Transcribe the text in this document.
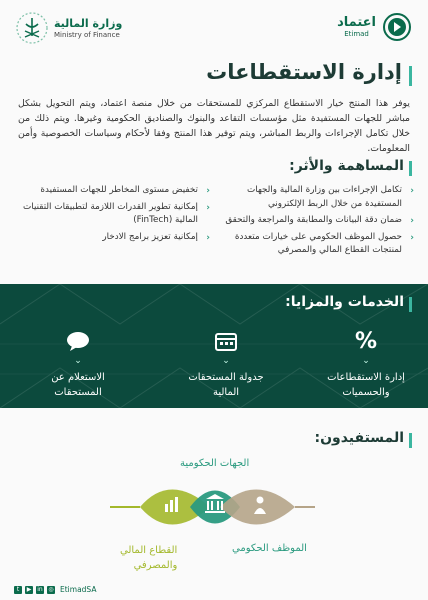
اعتماد
Etimad
وزارة المالية
Ministry of Finance
إدارة الاستقطاعات

يوفر هذا المنتج خيار الاستقطاع المركزي للمستحقات من خلال منصة اعتماد، ويتم التحويل بشكل مباشر للجهات المستفيدة مثل مؤسسات التقاعد والبنوك والصناديق الحكومية وغيرها. ويتم ذلك من خلال تكامل الإجراءات والربط المباشر، ويتم توفير هذا المنتج وفقا لأحكام وسياسات الخصوصية وأمن المعلومات.

المساهمة والأثر:
‹
تكامل الإجراءات بين وزارة المالية والجهات المستفيدة من خلال الربط الإلكتروني
‹
ضمان دقة البيانات والمطابقة والمراجعة والتحقق
‹
حصول الموظف الحكومي على خيارات متعددة لمنتجات القطاع المالي والمصرفي
‹
تخفيض مستوى المخاطر للجهات المستفيدة
‹
إمكانية تطوير القدرات اللازمة لتطبيقات التقنيات المالية (FinTech)
‹
إمكانية تعزيز برامج الادخار
الخدمات والمزايا:
%
⌄
إدارة الاستقطاعات والحسميات
⌄
جدولة المستحقات المالية
⌄
الاستعلام عن المستحقات
المستفيدون:
الجهات الحكومية
الموظف الحكومي
القطاع المالي
والمصرفي
t	▶ in ◎ EtimadSA
